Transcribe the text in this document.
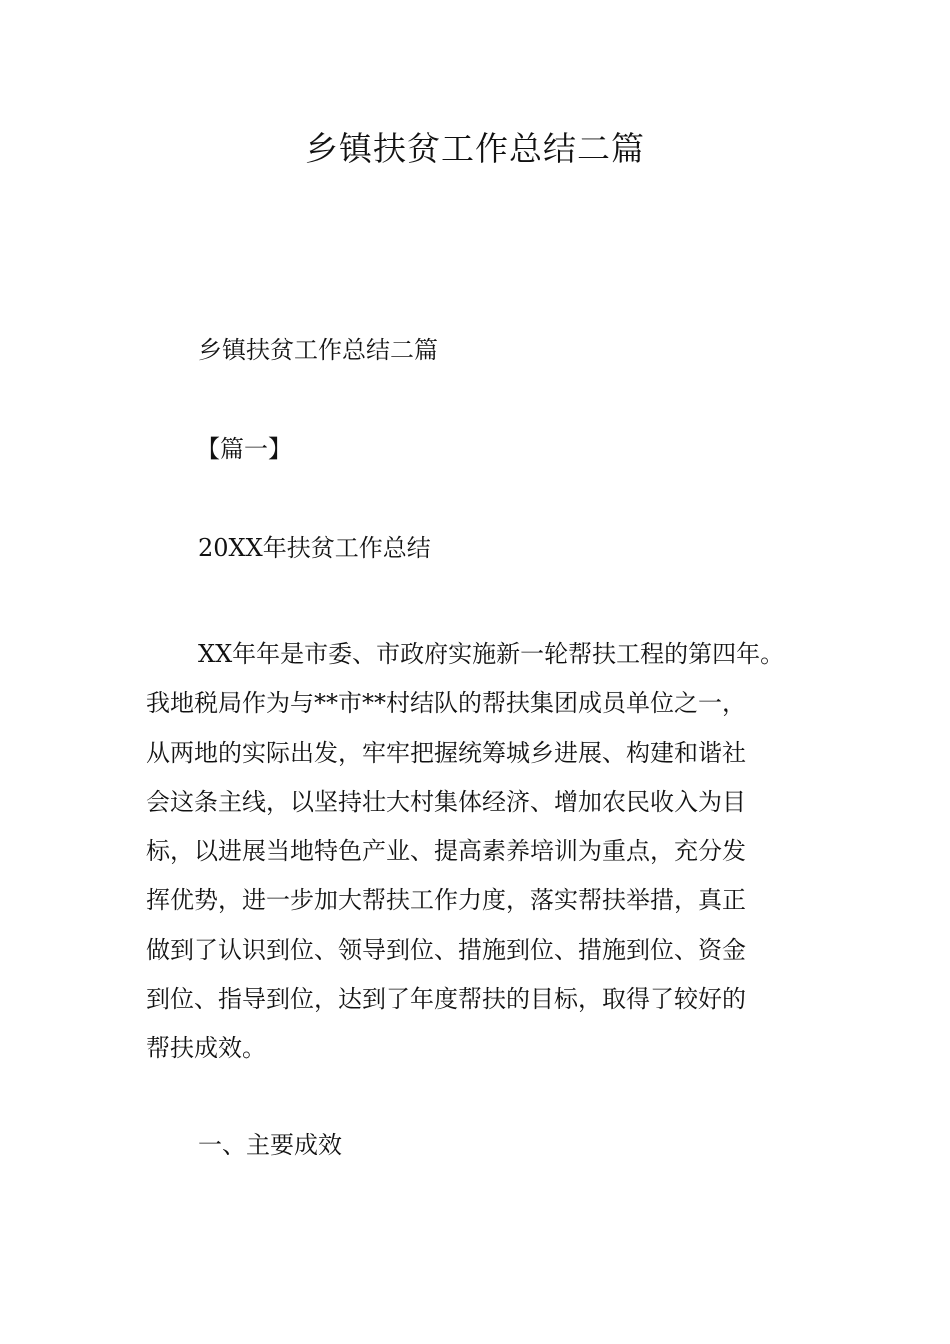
乡镇扶贫工作总结二篇

乡镇扶贫工作总结二篇

【篇一】

20XX年扶贫工作总结

XX年年是市委、市政府实施新一轮帮扶工程的第四年。
我地税局作为与**市**村结队的帮扶集团成员单位之一，
从两地的实际出发，牢牢把握统筹城乡进展、构建和谐社
会这条主线，以坚持壮大村集体经济、增加农民收入为目
标，以进展当地特色产业、提高素养培训为重点，充分发
挥优势，进一步加大帮扶工作力度，落实帮扶举措，真正
做到了认识到位、领导到位、措施到位、措施到位、资金
到位、指导到位，达到了年度帮扶的目标，取得了较好的
帮扶成效。

一、主要成效
